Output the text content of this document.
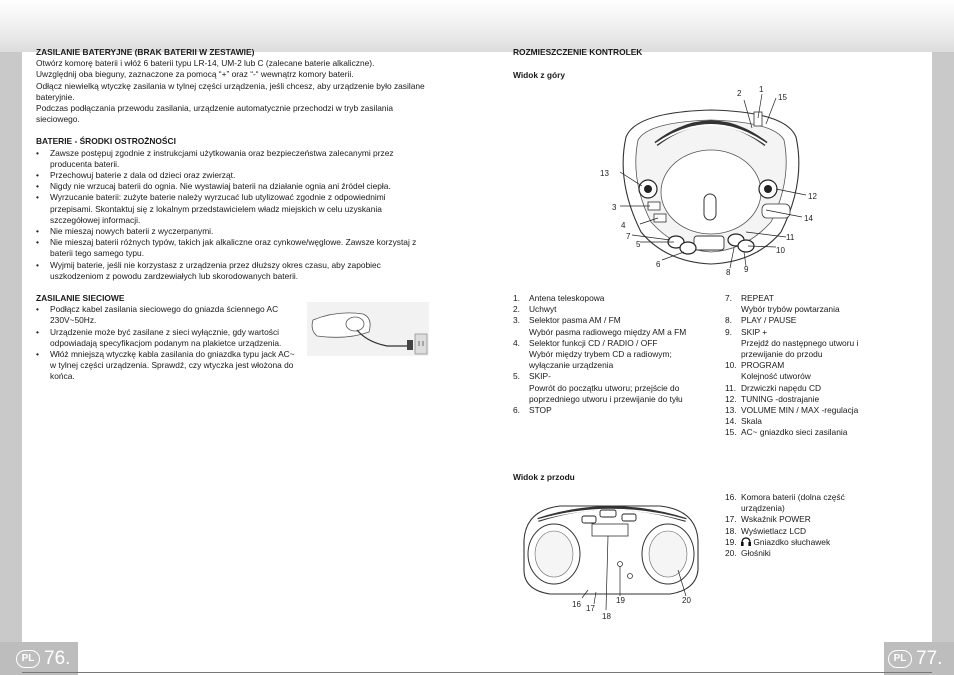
ZASILANIE BATERYJNE (BRAK BATERII W ZESTAWIE)

Otwórz komorę baterii i włóż 6 baterii typu LR-14, UM-2 lub C (zalecane baterie alkaliczne).

Uwzględnij oba bieguny, zaznaczone za pomocą “+” oraz “-“ wewnątrz komory baterii.

Odłącz niewielką wtyczkę zasilania w tylnej części urządzenia, jeśli chcesz, aby urządzenie było zasilane bateryjnie.

Podczas podłączania przewodu zasilania, urządzenie automatycznie przechodzi w tryb zasilania sieciowego.

BATERIE - ŚRODKI OSTROŻNOŚCI
• Zawsze postępuj zgodnie z instrukcjami użytkowania oraz bezpieczeństwa zalecanymi przez producenta baterii.
• Przechowuj baterie z dala od dzieci oraz zwierząt.
• Nigdy nie wrzucaj baterii do ognia. Nie wystawiaj baterii na działanie ognia ani źródeł ciepła.
• Wyrzucanie baterii: zużyte baterie należy wyrzucać lub utylizować zgodnie z odpowiednimi przepisami. Skontaktuj się z lokalnym przedstawicielem władz miejskich w celu uzyskania szczegółowej informacji.
• Nie mieszaj nowych baterii z wyczerpanymi.
• Nie mieszaj baterii różnych typów, takich jak alkaliczne oraz cynkowe/węglowe. Zawsze korzystaj z baterii tego samego typu.
• Wyjmij baterie, jeśli nie korzystasz z urządzenia przez dłuższy okres czasu, aby zapobiec uszkodzeniom z powodu zardzewiałych lub skorodowanych baterii.
ZASILANIE SIECIOWE
• Podłącz kabel zasilania sieciowego do gniazda ściennego AC 230V~50Hz.
• Urządzenie może być zasilane z sieci wyłącznie, gdy wartości odpowiadają specyfikacjom podanym na plakietce urządzenia.
• Włóż mniejszą wtyczkę kabla zasilania do gniazdka typu jack AC~ w tylnej części urządzenia. Sprawdź, czy wtyczka jest włożona do końca.
ROZMIESZCZENIE KONTROLEK
Widok z góry
1
2	15
13
12
3
14
4
7	11
5
10
6
8 9
1.	Antena teleskopowa
2.	Uchwyt
3.	Selektor pasma AM / FM
Wybór pasma radiowego między AM a FM
4.	Selektor funkcji CD / RADIO / OFF
Wybór między trybem CD a radiowym;
wyłączanie urządzenia
5.	SKIP-
Powrót do początku utworu; przejście do
poprzedniego utworu i przewijanie do tyłu
6.	STOP
7.	REPEAT
Wybór trybów powtarzania
8.	PLAY / PAUSE
9.	SKIP +
Przejdź do następnego utworu i
przewijanie do przodu
10. PROGRAM
Kolejność utworów
11. Drzwiczki napędu CD
12. TUNING -dostrajanie
13. VOLUME MIN / MAX -regulacja
14. Skala
15. AC~ gniazdko sieci zasilania
Widok z przodu
16 17
18
19	20
16. Komora baterii (dolna część
urządzenia)
17. Wskaźnik POWER
18. Wyświetlacz LCD
19.	Gniazdko słuchawek
20. Głośniki
PL 76.	PL 77.
